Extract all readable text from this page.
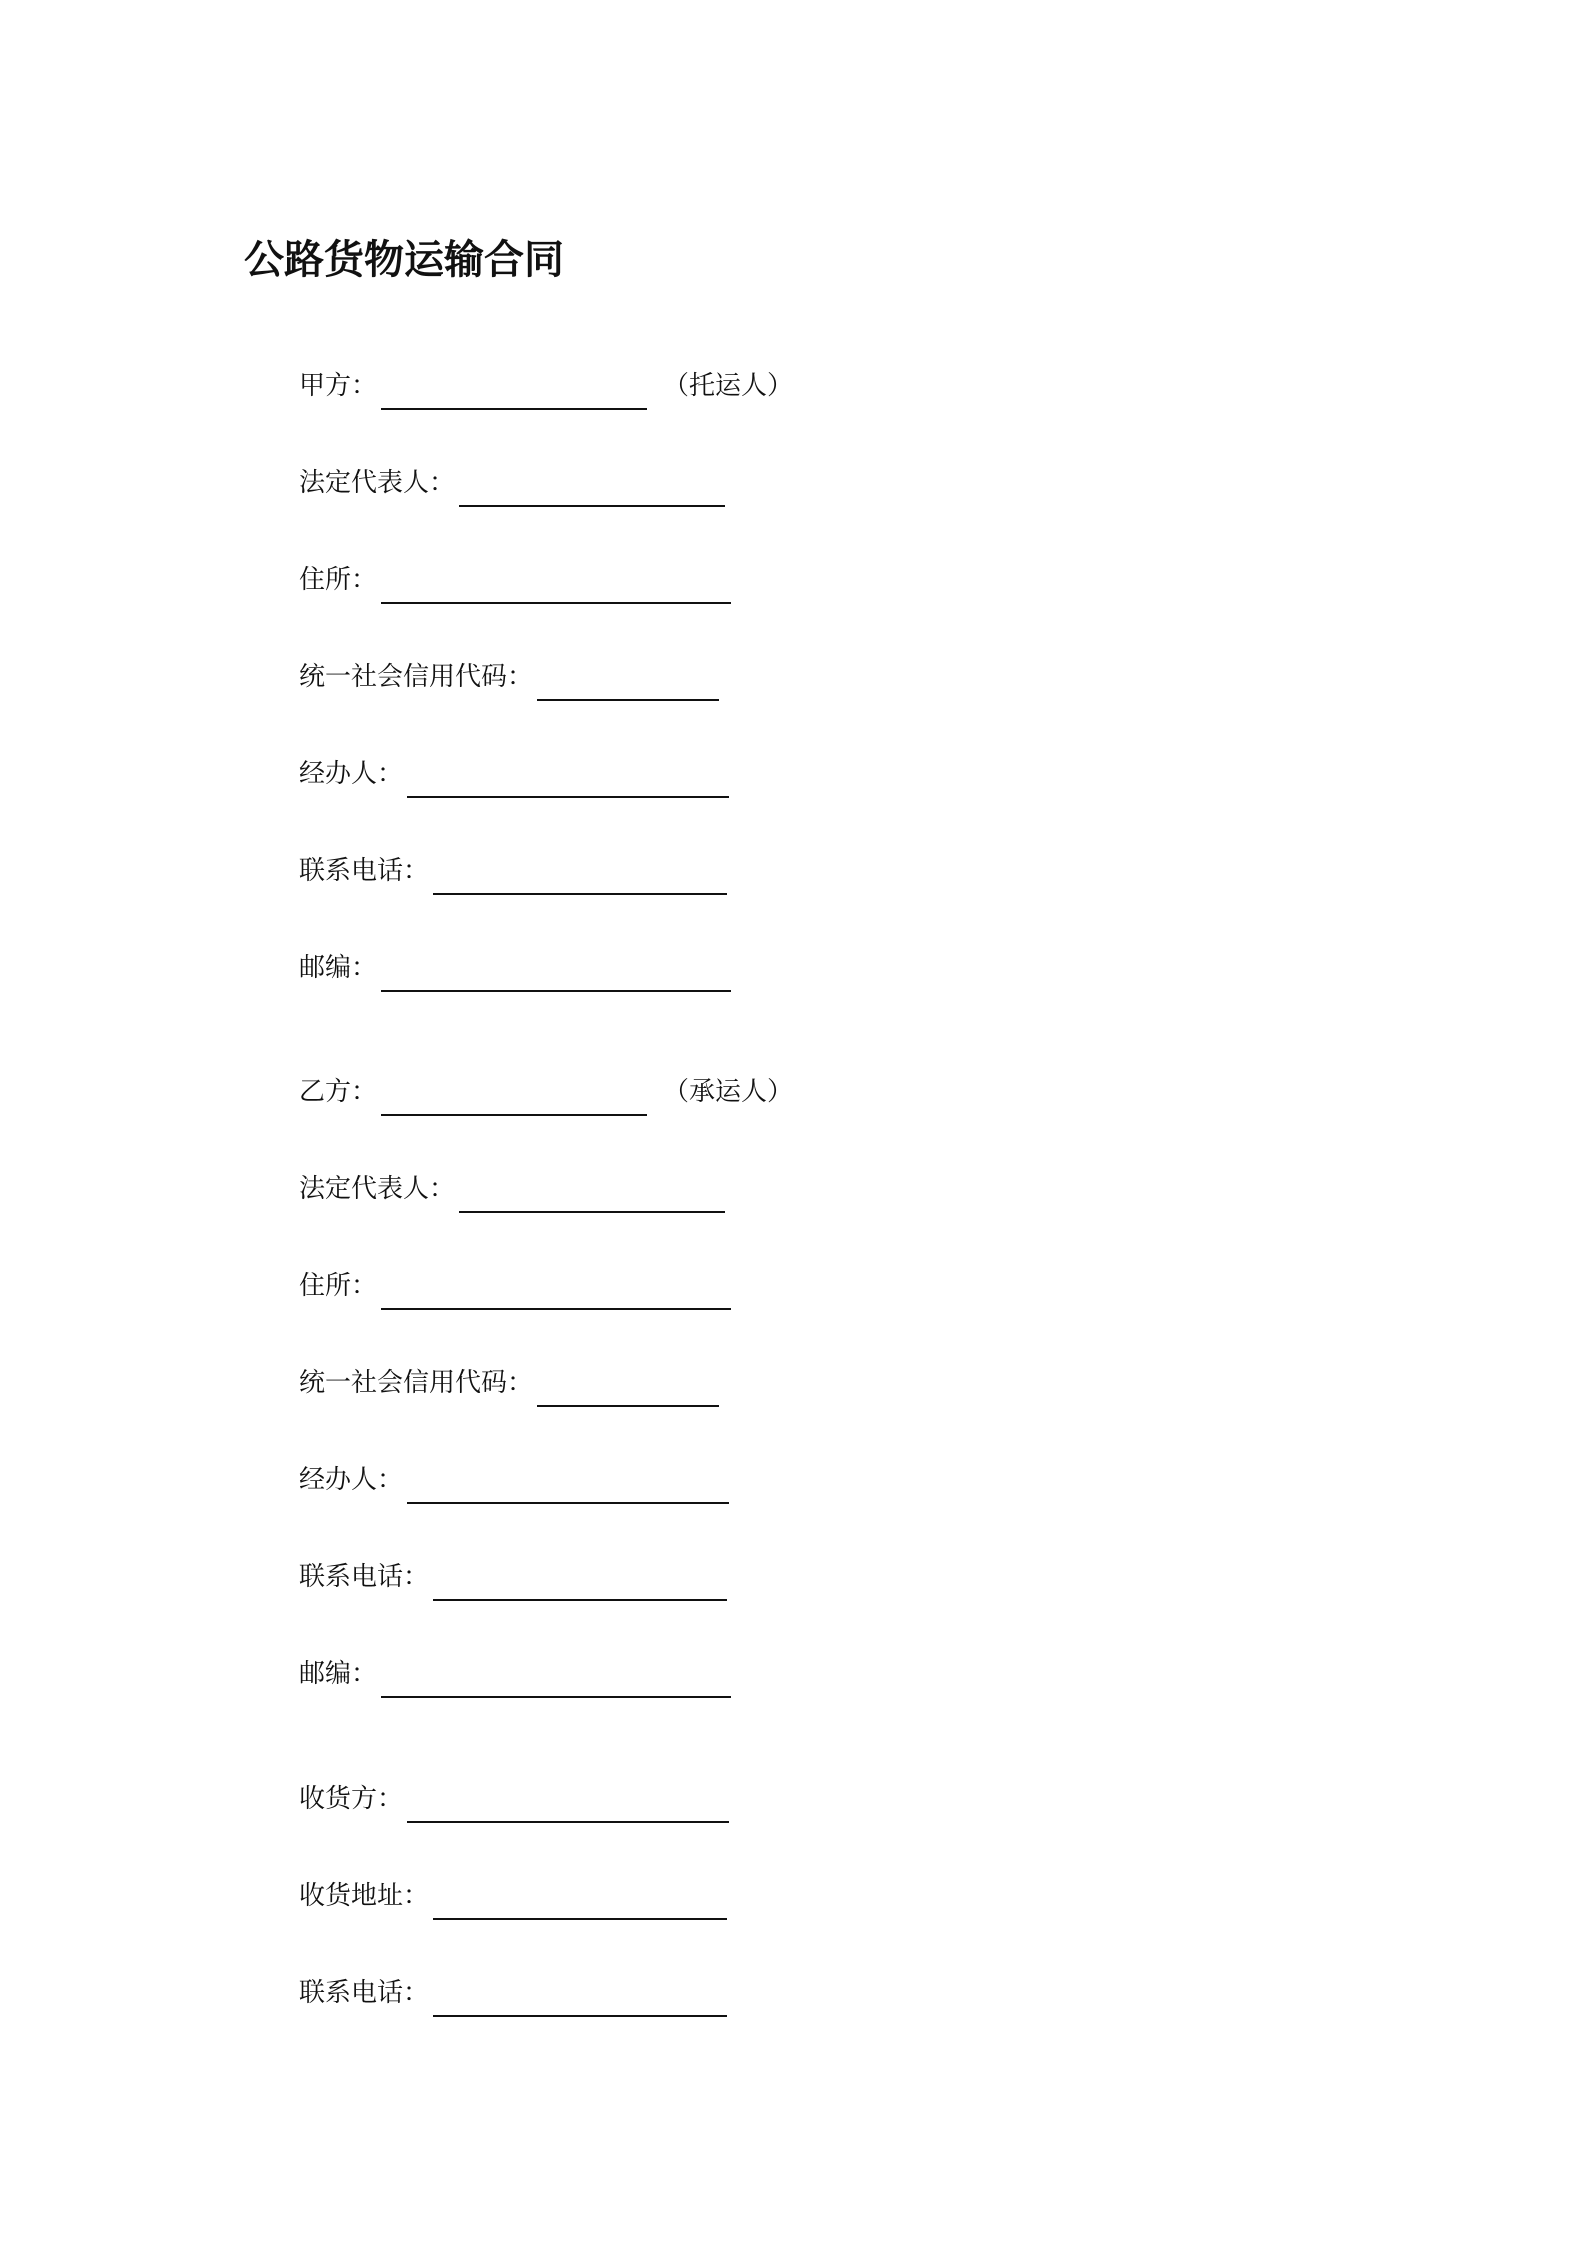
公路货物运输合同
甲方：	（托运人）
法定代表人：
住所：
统一社会信用代码：
经办人：
联系电话：
邮编：
乙方：	（承运人）
法定代表人：
住所：
统一社会信用代码：
经办人：
联系电话：
邮编：
收货方：
收货地址：
联系电话：
